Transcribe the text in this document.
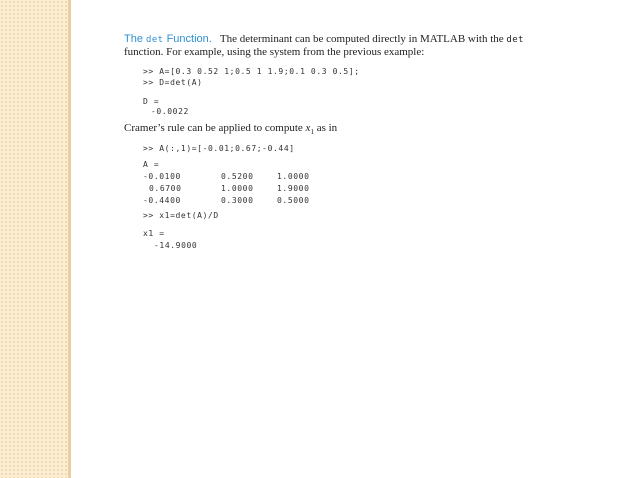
The det Function. The determinant can be computed directly in MATLAB with the det
function. For example, using the system from the previous example:
>> A=[0.3 0.52 1;0.5 1 1.9;0.1 0.3 0.5];
>> D=det(A)
D =
-0.0022
Cramer’s rule can be applied to compute $x_1$ as in
>> A(:,1)=[-0.01;0.67;-0.44]
A =
-0.0100	0.5200	1.0000
0.6700	1.0000	1.9000
-0.4400	0.3000	0.5000
>> x1=det(A)/D
x1 =
-14.9000
